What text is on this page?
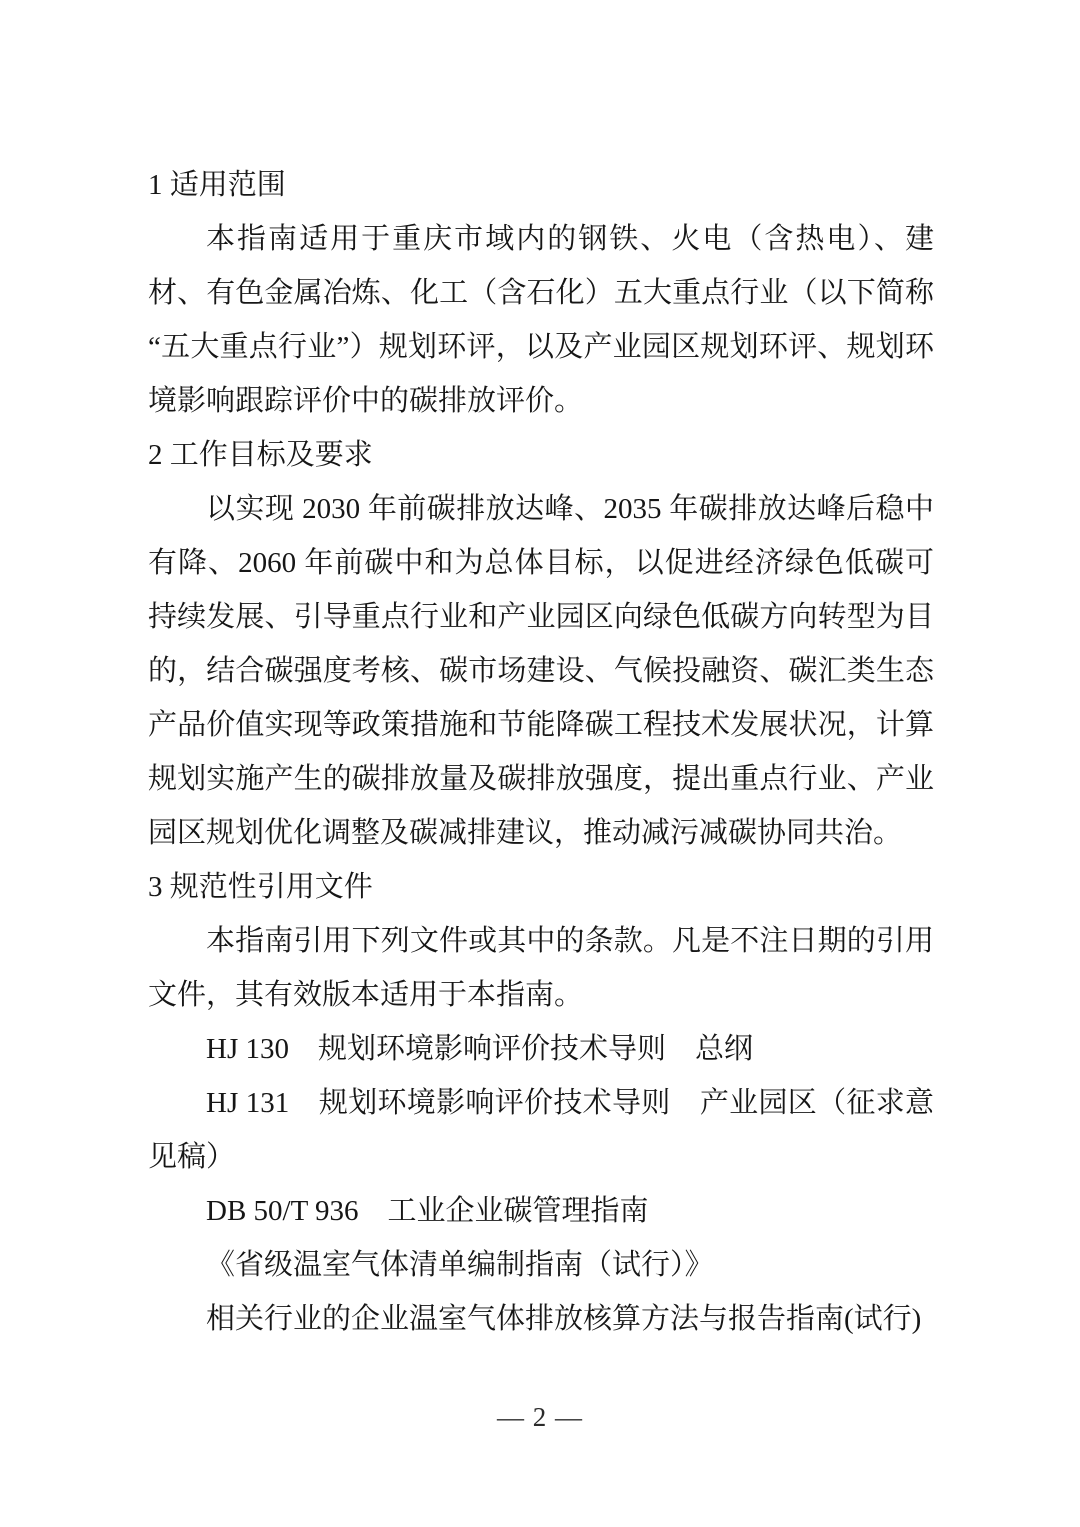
1 适用范围

本指南适用于重庆市域内的钢铁、火电（含热电）、建材、有色金属冶炼、化工（含石化）五大重点行业（以下简称“五大重点行业”）规划环评，以及产业园区规划环评、规划环境影响跟踪评价中的碳排放评价。

2 工作目标及要求

以实现 2030 年前碳排放达峰、2035 年碳排放达峰后稳中有降、2060 年前碳中和为总体目标，以促进经济绿色低碳可持续发展、引导重点行业和产业园区向绿色低碳方向转型为目的，结合碳强度考核、碳市场建设、气候投融资、碳汇类生态产品价值实现等政策措施和节能降碳工程技术发展状况，计算规划实施产生的碳排放量及碳排放强度，提出重点行业、产业园区规划优化调整及碳减排建议，推动减污减碳协同共治。

3 规范性引用文件

本指南引用下列文件或其中的条款。凡是不注日期的引用文件，其有效版本适用于本指南。

HJ 130　规划环境影响评价技术导则　总纲

HJ 131　规划环境影响评价技术导则　产业园区（征求意见稿）

DB 50/T 936　工业企业碳管理指南

《省级温室气体清单编制指南（试行）》

相关行业的企业温室气体排放核算方法与报告指南(试行)

— 2 —
